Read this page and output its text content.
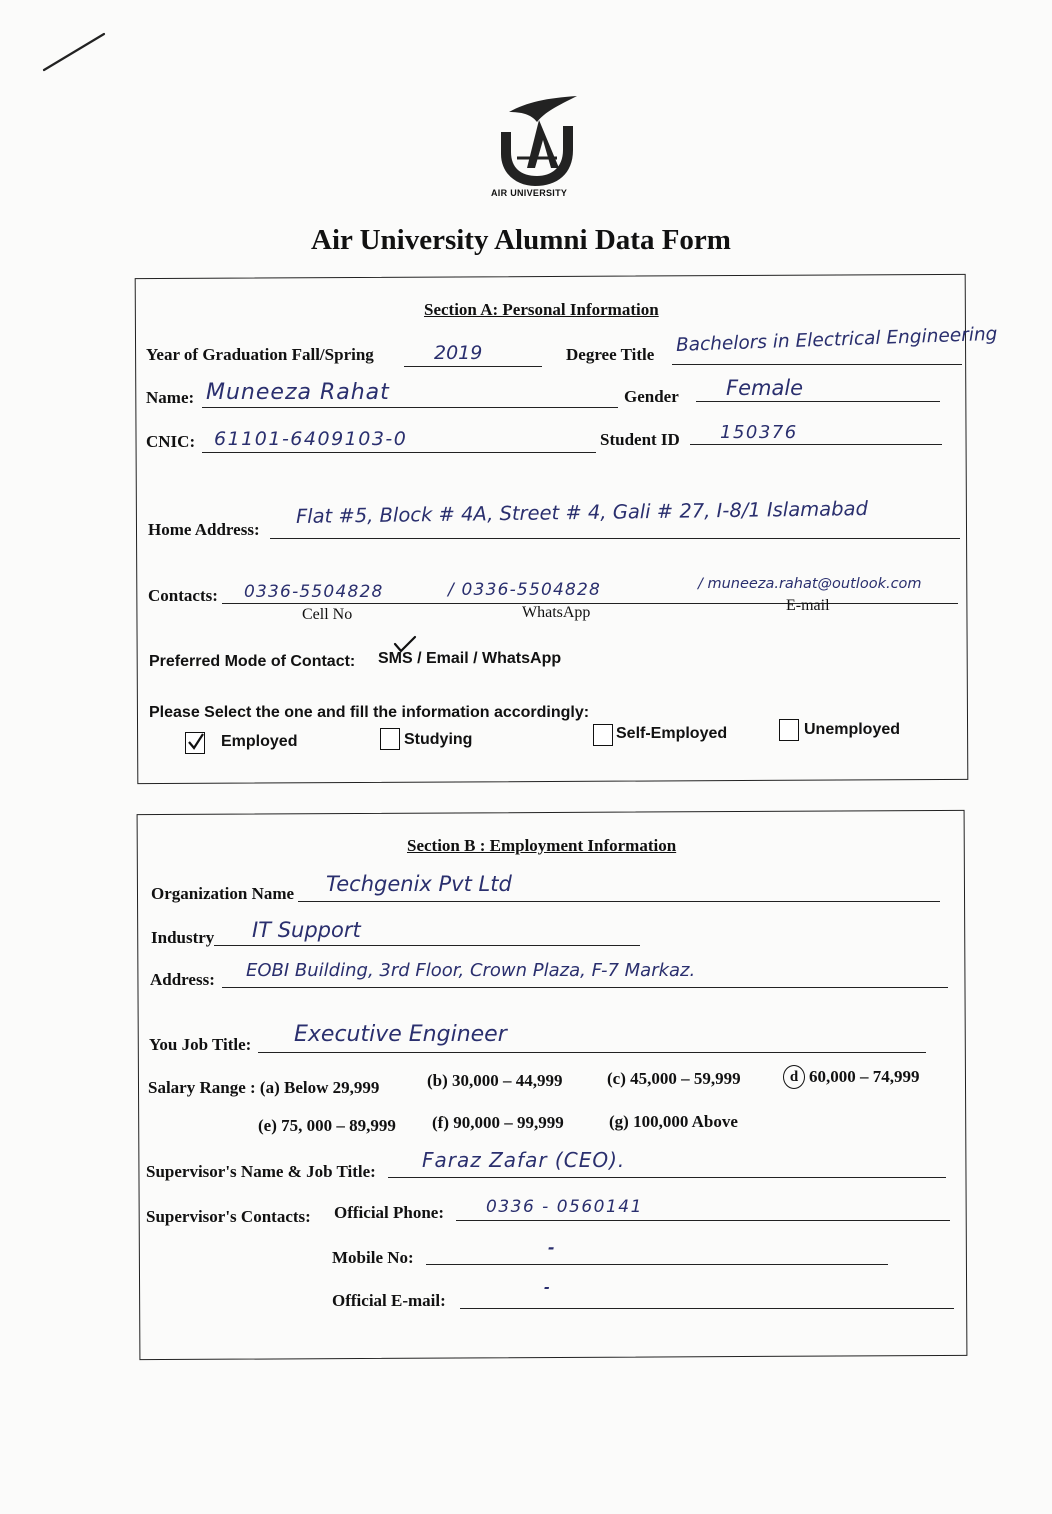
AIR UNIVERSITY
Air University Alumni Data Form
Section A: Personal Information
Year of Graduation Fall/Spring	2019	Degree Title Bachelors in Electrical Engineering
Name: Muneeza Rahat	Gender Female
CNIC: 61101-6409103-0	Student ID 150376
Home Address:
Flat #5, Block # 4A, Street # 4, Gali # 27, I-8/1 Islamabad
Contacts: 0336-5504828	/ 0336-5504828	/ muneeza.rahat@outlook.com
Cell No	WhatsApp	E-mail
Preferred Mode of Contact: SMS / Email / WhatsApp
Please Select the one and fill the information accordingly:
Employed	Studying	Self-Employed	Unemployed
Section B : Employment Information
Organization Name Techgenix Pvt Ltd
Industry IT Support
Address: EOBI Building, 3rd Floor, Crown Plaza, F-7 Markaz.
You Job Title: Executive Engineer
Salary Range : (a) Below 29,999	(b) 30,000 – 44,999	(c) 45,000 – 59,999	d 60,000 – 74,999
(e) 75, 000 – 89,999 (f) 90,000 – 99,999	(g) 100,000 Above
Supervisor's Name & Job Title: Faraz Zafar (CEO).
Supervisor's Contacts: Official Phone: 0336 - 0560141
Mobile No:
-
Official E-mail:
-
